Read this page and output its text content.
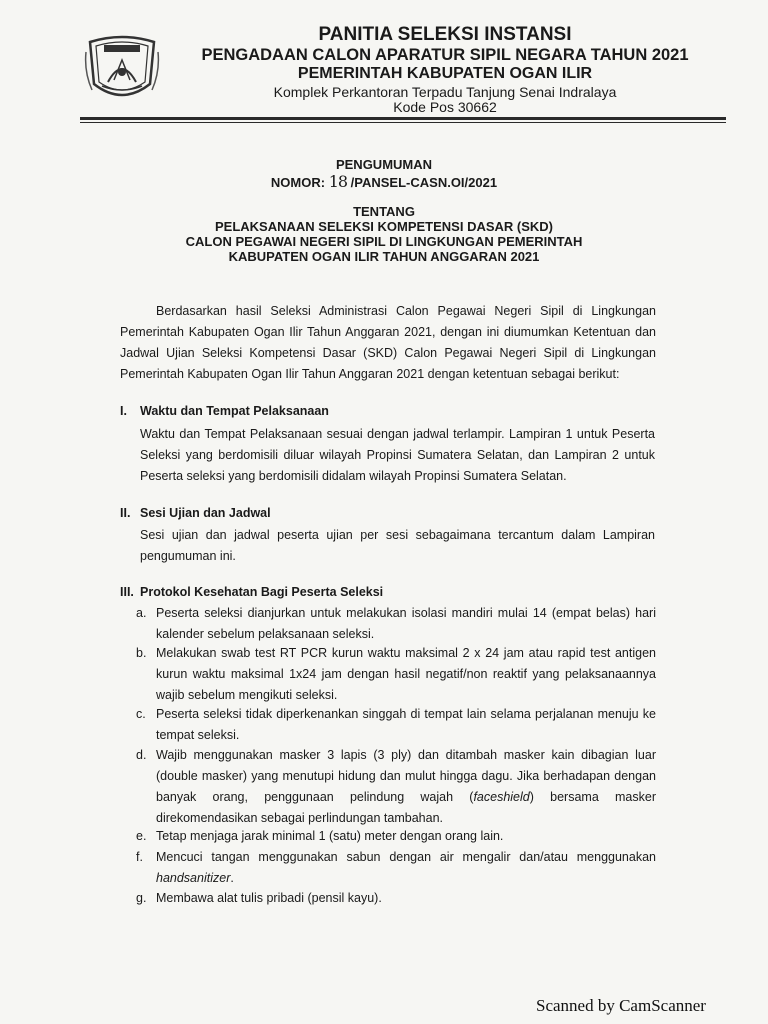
PANITIA SELEKSI INSTANSI
PENGADAAN CALON APARATUR SIPIL NEGARA TAHUN 2021
PEMERINTAH KABUPATEN OGAN ILIR
Komplek Perkantoran Terpadu Tanjung Senai Indralaya
Kode Pos 30662
PENGUMUMAN
NOMOR: 18 /PANSEL-CASN.OI/2021
TENTANG
PELAKSANAAN SELEKSI KOMPETENSI DASAR (SKD)
CALON PEGAWAI NEGERI SIPIL DI LINGKUNGAN PEMERINTAH
KABUPATEN OGAN ILIR TAHUN ANGGARAN 2021
Berdasarkan hasil Seleksi Administrasi Calon Pegawai Negeri Sipil di Lingkungan Pemerintah Kabupaten Ogan Ilir Tahun Anggaran 2021, dengan ini diumumkan Ketentuan dan Jadwal Ujian Seleksi Kompetensi Dasar (SKD) Calon Pegawai Negeri Sipil di Lingkungan Pemerintah Kabupaten Ogan Ilir Tahun Anggaran 2021 dengan ketentuan sebagai berikut:
I. Waktu dan Tempat Pelaksanaan
Waktu dan Tempat Pelaksanaan sesuai dengan jadwal terlampir. Lampiran 1 untuk Peserta Seleksi yang berdomisili diluar wilayah Propinsi Sumatera Selatan, dan Lampiran 2 untuk Peserta seleksi yang berdomisili didalam wilayah Propinsi Sumatera Selatan.
II. Sesi Ujian dan Jadwal
Sesi ujian dan jadwal peserta ujian per sesi sebagaimana tercantum dalam Lampiran pengumuman ini.
III. Protokol Kesehatan Bagi Peserta Seleksi
a. Peserta seleksi dianjurkan untuk melakukan isolasi mandiri mulai 14 (empat belas) hari kalender sebelum pelaksanaan seleksi.
b. Melakukan swab test RT PCR kurun waktu maksimal 2 x 24 jam atau rapid test antigen kurun waktu maksimal 1x24 jam dengan hasil negatif/non reaktif yang pelaksanaannya wajib sebelum mengikuti seleksi.
c. Peserta seleksi tidak diperkenankan singgah di tempat lain selama perjalanan menuju ke tempat seleksi.
d. Wajib menggunakan masker 3 lapis (3 ply) dan ditambah masker kain dibagian luar (double masker) yang menutupi hidung dan mulut hingga dagu. Jika berhadapan dengan banyak orang, penggunaan pelindung wajah (faceshield) bersama masker direkomendasikan sebagai perlindungan tambahan.
e. Tetap menjaga jarak minimal 1 (satu) meter dengan orang lain.
f.	Mencuci tangan menggunakan sabun dengan air mengalir dan/atau menggunakan handsanitizer.
g. Membawa alat tulis pribadi (pensil kayu).
Scanned by CamScanner
